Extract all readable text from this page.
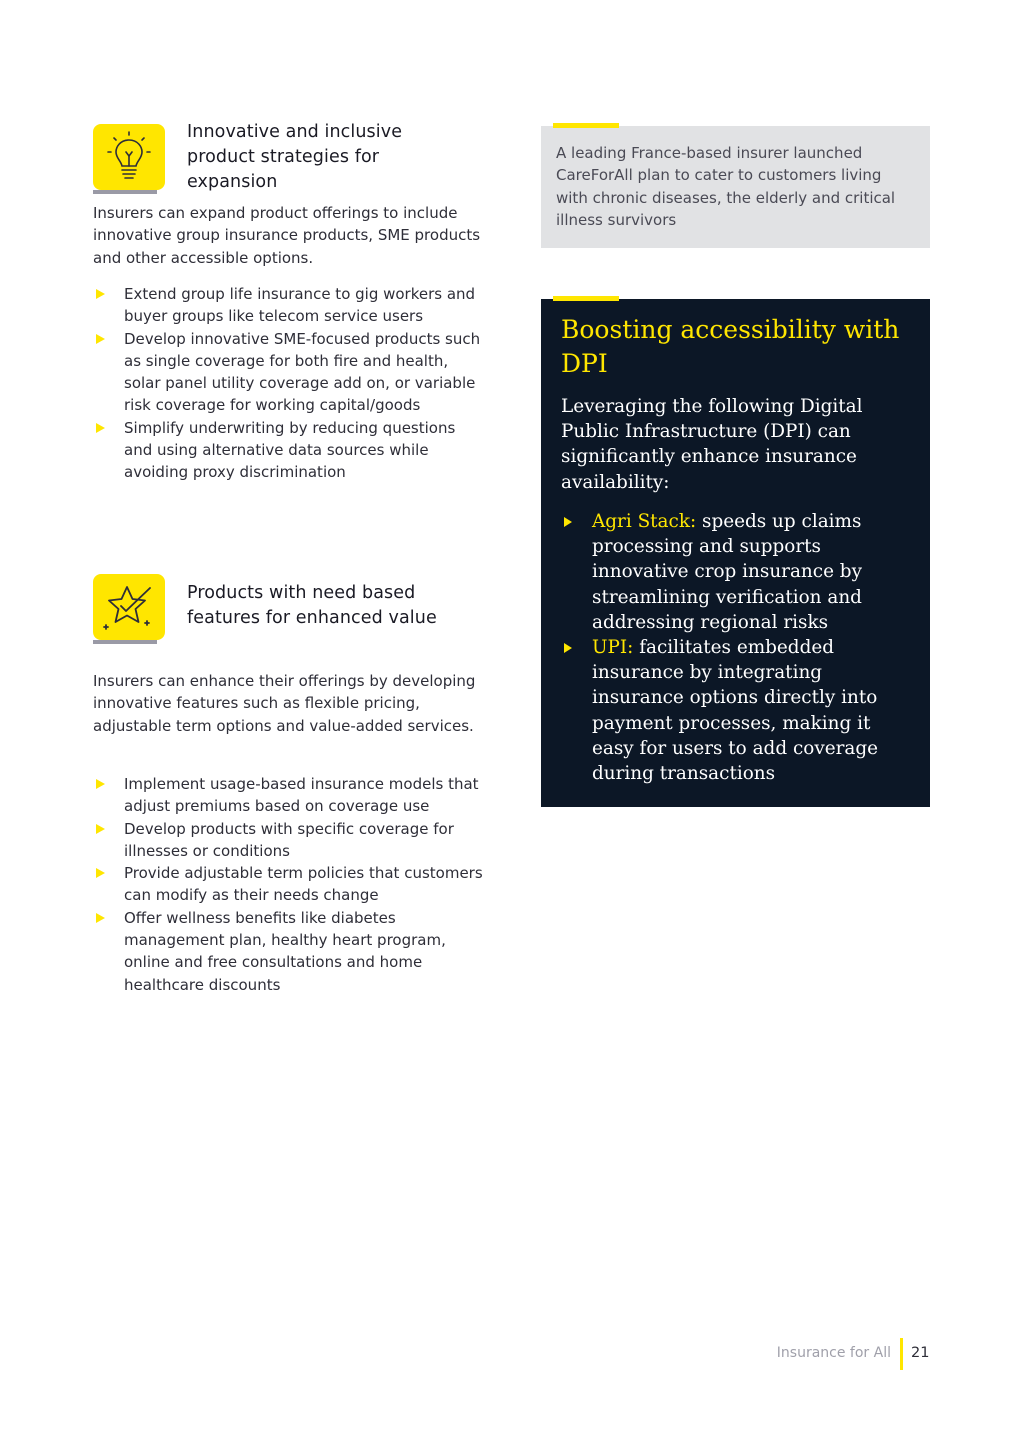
Innovative and inclusive product strategies for expansion
Insurers can expand product offerings to include innovative group insurance products, SME products and other accessible options.
Extend group life insurance to gig workers and buyer groups like telecom service users
Develop innovative SME-focused products such as single coverage for both fire and health, solar panel utility coverage add on, or variable risk coverage for working capital/goods
Simplify underwriting by reducing questions and using alternative data sources while avoiding proxy discrimination
Products with need based features for enhanced value
Insurers can enhance their offerings by developing innovative features such as flexible pricing, adjustable term options and value-added services.
Implement usage-based insurance models that adjust premiums based on coverage use
Develop products with specific coverage for illnesses or conditions
Provide adjustable term policies that customers can modify as their needs change
Offer wellness benefits like diabetes management plan, healthy heart program, online and free consultations and home healthcare discounts
A leading France-based insurer launched CareForAll plan to cater to customers living with chronic diseases, the elderly and critical illness survivors
Boosting accessibility with DPI
Leveraging the following Digital Public Infrastructure (DPI) can significantly enhance insurance availability:
Agri Stack: speeds up claims processing and supports innovative crop insurance by streamlining verification and addressing regional risks
UPI: facilitates embedded insurance by integrating insurance options directly into payment processes, making it easy for users to add coverage during transactions
Insurance for All 21
